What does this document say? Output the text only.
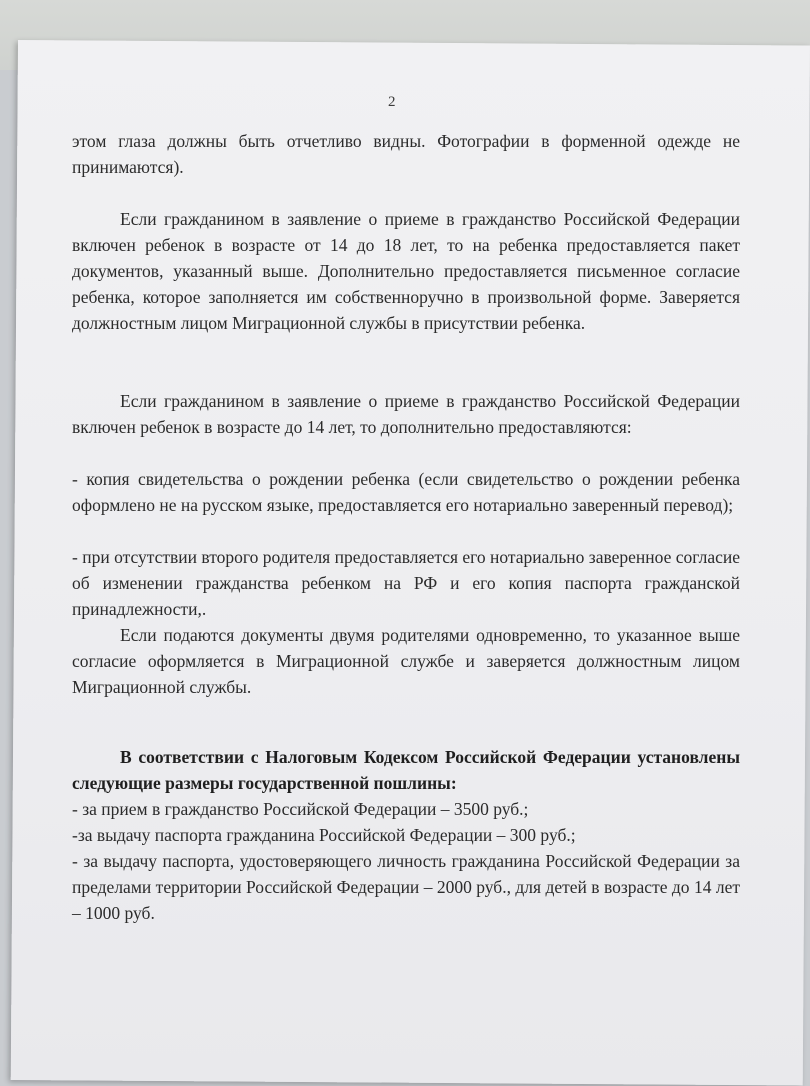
2

этом глаза должны быть отчетливо видны. Фотографии в форменной одежде не принимаются).

Если гражданином в заявление о приеме в гражданство Российской Федерации включен ребенок в возрасте от 14 до 18 лет, то на ребенка предоставляется пакет документов, указанный выше. Дополнительно предоставляется письменное согласие ребенка, которое заполняется им собственноручно в произвольной форме. Заверяется должностным лицом Миграционной службы в присутствии ребенка.

Если гражданином в заявление о приеме в гражданство Российской Федерации включен ребенок в возрасте до 14 лет, то дополнительно предоставляются:

- копия свидетельства о рождении ребенка (если свидетельство о рождении ребенка оформлено не на русском языке, предоставляется его нотариально заверенный перевод);

- при отсутствии второго родителя предоставляется его нотариально заверенное согласие об изменении гражданства ребенком на РФ и его копия паспорта гражданской принадлежности,.

Если подаются документы двумя родителями одновременно, то указанное выше согласие оформляется в Миграционной службе и заверяется должностным лицом Миграционной службы.

В соответствии с Налоговым Кодексом Российской Федерации установлены следующие размеры государственной пошлины:

- за прием в гражданство Российской Федерации – 3500 руб.;

-за выдачу паспорта гражданина Российской Федерации – 300 руб.;

- за выдачу паспорта, удостоверяющего личность гражданина Российской Федерации за пределами территории Российской Федерации – 2000 руб., для детей в возрасте до 14 лет – 1000 руб.
